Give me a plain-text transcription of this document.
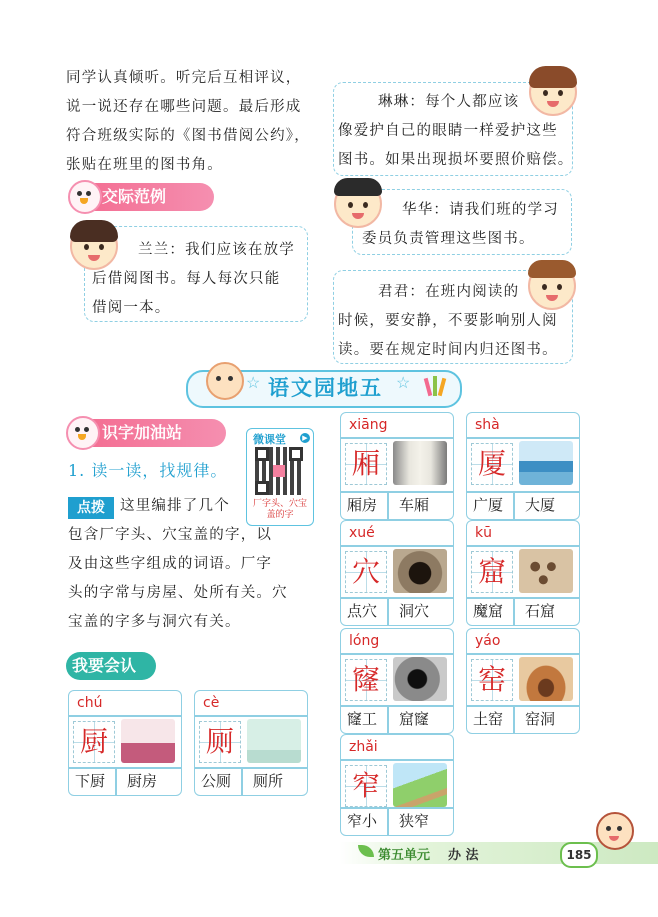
同学认真倾听。听完后互相评议，
说一说还存在哪些问题。最后形成
符合班级实际的《图书借阅公约》，
张贴在班里的图书角。
交际范例
兰兰：我们应该在放学
后借阅图书。每人每次只能
借阅一本。
琳琳：每个人都应该
像爱护自己的眼睛一样爱护这些
图书。如果出现损坏要照价赔偿。
华华：请我们班的学习
委员负责管理这些图书。
君君：在班内阅读的
时候，要安静，不要影响别人阅
读。要在规定时间内归还图书。
☆ 语文园地五 ☆
识字加油站	微课堂	▶
厂字头、穴宝盖的字
1. 读一读，找规律。
点拨	这里编排了几个
包含厂字头、穴宝盖的字，以
及由这些字组成的词语。厂字
头的字常与房屋、处所有关。穴
宝盖的字多与洞穴有关。
我要会认
chú
厨
下厨 厨房
cè
厕
公厕 厕所
xiāng
厢
厢房 车厢
shà
厦
广厦 大厦
xué
穴
点穴 洞穴
kū
窟
魔窟 石窟
lóng
窿
窿工 窟窿
yáo
窑
土窑 窑洞
zhǎi
窄
窄小 狭窄
第五单元 办 法	185
